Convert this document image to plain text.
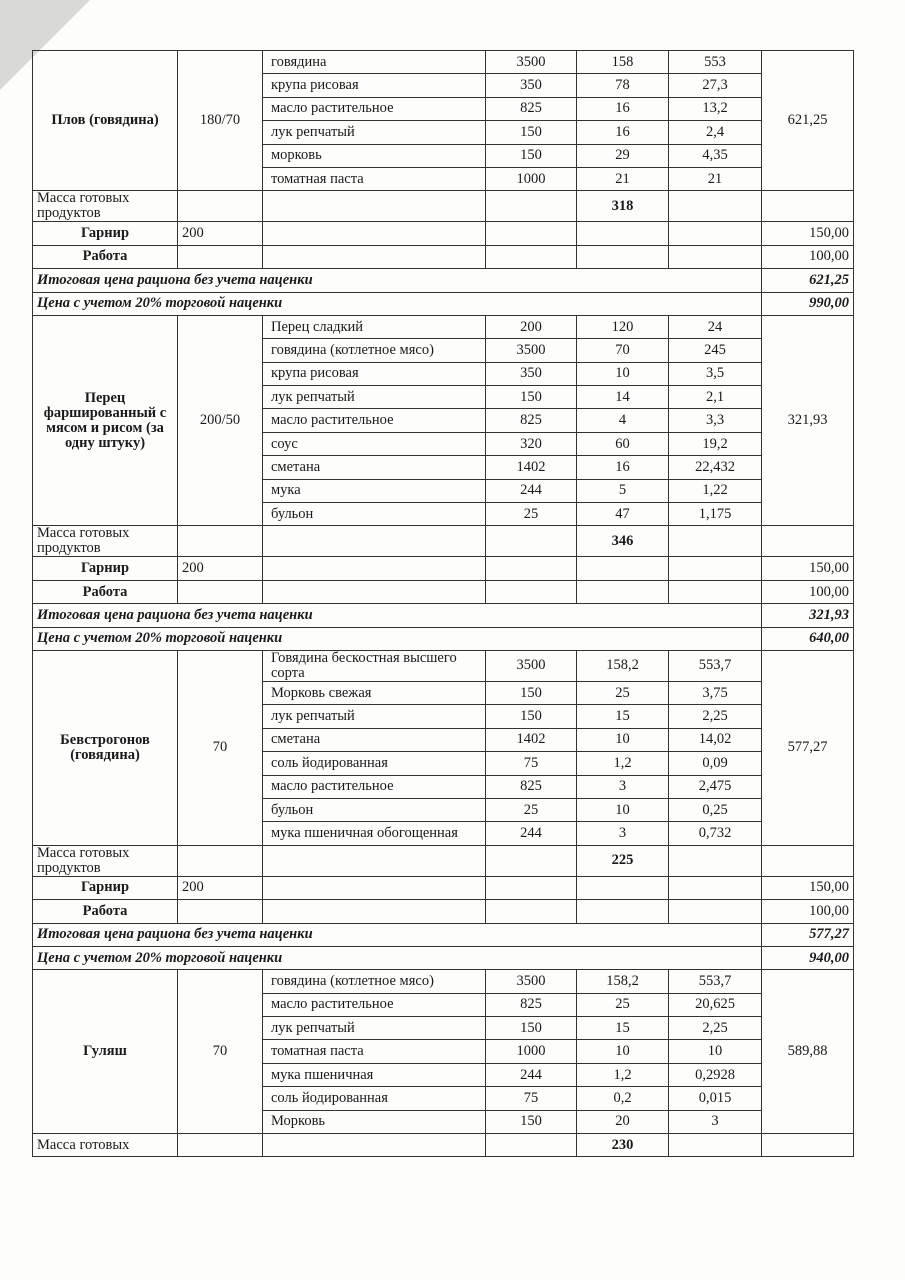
Плов (говядина)	180/70	говядина	3500	158	553	621,25
		крупа рисовая	350	78	27,3	
		масло растительное	825	16	13,2	
		лук репчатый	150	16	2,4	
		морковь	150	29	4,35	
		томатная паста	1000	21	21	
Масса готовых продуктов				318		
Гарнир	200					150,00
Работа						100,00
Итоговая цена рациона без учета наценки						621,25
Цена с учетом 20% торговой наценки						990,00
Перец фаршированный с мясом и рисом (за одну штуку)	200/50	Перец сладкий	200	120	24	321,93
		говядина (котлетное мясо)	3500	70	245	
		крупа рисовая	350	10	3,5	
		лук репчатый	150	14	2,1	
		масло растительное	825	4	3,3	
		соус	320	60	19,2	
		сметана	1402	16	22,432	
		мука	244	5	1,22	
		бульон	25	47	1,175	
Масса готовых продуктов				346		
Гарнир	200					150,00
Работа						100,00
Итоговая цена рациона без учета наценки						321,93
Цена с учетом 20% торговой наценки						640,00
Бевстрогонов (говядина)	70	Говядина бескостная высшего сорта	3500	158,2	553,7	577,27
		Морковь свежая	150	25	3,75	
		лук репчатый	150	15	2,25	
		сметана	1402	10	14,02	
		соль йодированная	75	1,2	0,09	
		масло растительное	825	3	2,475	
		бульон	25	10	0,25	
		мука пшеничная обогощенная	244	3	0,732	
Масса готовых продуктов				225		
Гарнир	200					150,00
Работа						100,00
Итоговая цена рациона без учета наценки						577,27
Цена с учетом 20% торговой наценки						940,00
Гуляш	70	говядина (котлетное мясо)	3500	158,2	553,7	589,88
		масло растительное	825	25	20,625	
		лук репчатый	150	15	2,25	
		томатная паста	1000	10	10	
		мука пшеничная	244	1,2	0,2928	
		соль йодированная	75	0,2	0,015	
		Морковь	150	20	3	
Масса готовых				230		
